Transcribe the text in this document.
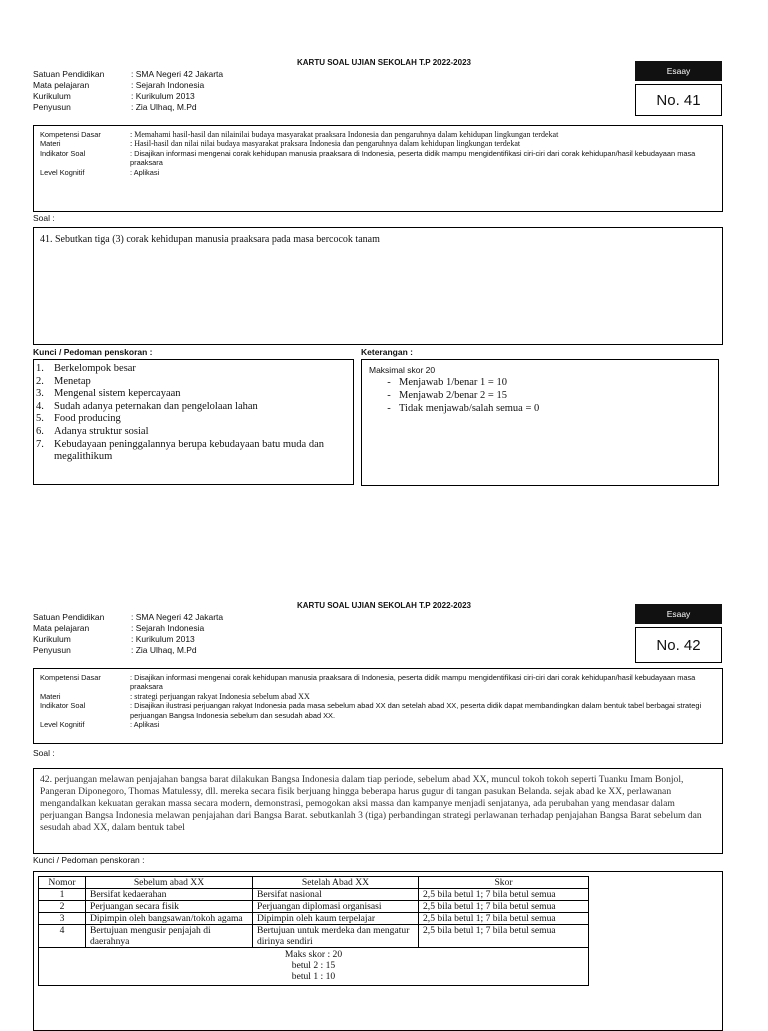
KARTU SOAL UJIAN SEKOLAH T.P 2022-2023
Satuan Pendidikan	: SMA Negeri 42 Jakarta
Mata pelajaran	: Sejarah Indonesia
Kurikulum	: Kurikulum 2013
Penyusun	: Zia Ulhaq, M.Pd
Esaay
No. 41
Kompetensi Dasar	: Memahami hasil-hasil dan nilainilai budaya masyarakat praaksara Indonesia dan pengaruhnya dalam kehidupan lingkungan terdekat
Materi	: Hasil-hasil dan nilai nilai budaya masyarakat praksara Indonesia dan pengaruhnya dalam kehidupan lingkungan terdekat
Indikator Soal	: Disajikan informasi mengenai corak kehidupan manusia praaksara di Indonesia, peserta didik mampu mengidentifikasi ciri-ciri dari corak kehidupan/hasil kebudayaan masa praaksara
Level Kognitif	: Aplikasi
Soal :
41. Sebutkan tiga (3) corak kehidupan manusia praaksara pada masa bercocok tanam
Kunci / Pedoman penskoran :
1. Berkelompok besar
2. Menetap
3. Mengenal sistem kepercayaan
4. Sudah adanya peternakan dan pengelolaan lahan
5. Food producing
6. Adanya struktur sosial
7. Kebudayaan peninggalannya berupa kebudayaan batu muda dan megalithikum
Keterangan :
Maksimal skor 20
- Menjawab 1/benar 1 = 10
- Menjawab 2/benar 2 = 15
- Tidak menjawab/salah semua = 0
KARTU SOAL UJIAN SEKOLAH T.P 2022-2023
Satuan Pendidikan	: SMA Negeri 42 Jakarta
Mata pelajaran	: Sejarah Indonesia
Kurikulum	: Kurikulum 2013
Penyusun	: Zia Ulhaq, M.Pd
Esaay
No. 42
Kompetensi Dasar	: Disajikan informasi mengenai corak kehidupan manusia praaksara di Indonesia, peserta didik mampu mengidentifikasi ciri-ciri dari corak kehidupan/hasil kebudayaan masa praaksara
Materi	: strategi perjuangan rakyat Indonesia sebelum abad XX
Indikator Soal	: Disajikan ilustrasi perjuangan rakyat Indonesia pada masa sebelum abad XX dan setelah abad XX, peserta didik dapat membandingkan dalam bentuk tabel berbagai strategi perjuangan Bangsa Indonesia sebelum dan sesudah abad XX.
Level Kognitif	: Aplikasi
Soal :
42. perjuangan melawan penjajahan bangsa barat dilakukan Bangsa Indonesia dalam tiap periode, sebelum abad XX, muncul tokoh tokoh seperti Tuanku Imam Bonjol, Pangeran Diponegoro, Thomas Matulessy, dll. mereka secara fisik berjuang hingga beberapa harus gugur di tangan pasukan Belanda. sejak abad ke XX, perlawanan mengandalkan kekuatan gerakan massa secara modern, demonstrasi, pemogokan aksi massa dan kampanye menjadi senjatanya, ada perubahan yang mendasar dalam perjuangan Bangsa Indonesia melawan penjajahan dari Bangsa Barat. sebutkanlah 3 (tiga) perbandingan strategi perlawanan terhadap penjajahan Bangsa Barat sebelum dan sesudah abad XX, dalam bentuk tabel
Kunci / Pedoman penskoran :
Nomor	Sebelum abad XX	Setelah Abad XX	Skor
1	Bersifat kedaerahan	Bersifat nasional	2,5 bila betul 1; 7 bila betul semua
2	Perjuangan secara fisik	Perjuangan diplomasi organisasi	2,5 bila betul 1; 7 bila betul semua
3	Dipimpin oleh bangsawan/tokoh agama	Dipimpin oleh kaum terpelajar	2,5 bila betul 1; 7 bila betul semua
4	Bertujuan mengusir penjajah di daerahnya	Bertujuan untuk merdeka dan mengatur dirinya sendiri	2,5 bila betul 1; 7 bila betul semua

Maks skor : 20
betul 2 : 15
betul 1 : 10			
